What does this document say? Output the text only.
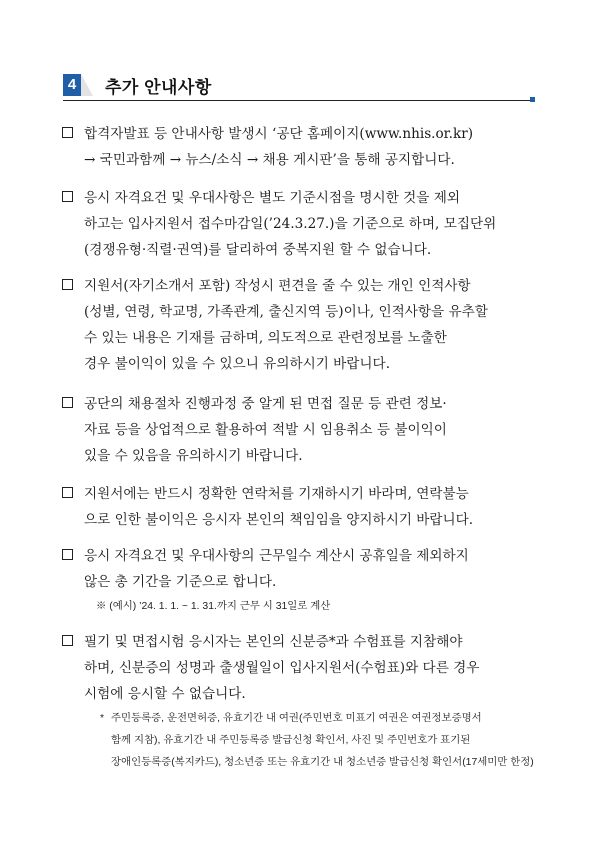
4 추가 안내사항
합격자발표 등 안내사항 발생시 ‘공단 홈페이지(www.nhis.or.kr)
→ 국민과함께 → 뉴스/소식 → 채용 게시판’을 통해 공지합니다.
응시 자격요건 및 우대사항은 별도 기준시점을 명시한 것을 제외
하고는 입사지원서 접수마감일(’24.3.27.)을 기준으로 하며, 모집단위
(경쟁유형·직렬·권역)를 달리하여 중복지원 할 수 없습니다.
지원서(자기소개서 포함) 작성시 편견을 줄 수 있는 개인 인적사항
(성별, 연령, 학교명, 가족관계, 출신지역 등)이나, 인적사항을 유추할
수 있는 내용은 기재를 금하며, 의도적으로 관련정보를 노출한
경우 불이익이 있을 수 있으니 유의하시기 바랍니다.
공단의 채용절차 진행과정 중 알게 된 면접 질문 등 관련 정보·
자료 등을 상업적으로 활용하여 적발 시 임용취소 등 불이익이
있을 수 있음을 유의하시기 바랍니다.
지원서에는 반드시 정확한 연락처를 기재하시기 바라며, 연락불능
으로 인한 불이익은 응시자 본인의 책임임을 양지하시기 바랍니다.
응시 자격요건 및 우대사항의 근무일수 계산시 공휴일을 제외하지
않은 총 기간을 기준으로 합니다.
※ (예시) ’24. 1. 1. ~ 1. 31.까지 근무 시 31일로 계산
필기 및 면접시험 응시자는 본인의 신분증*과 수험표를 지참해야
하며, 신분증의 성명과 출생월일이 입사지원서(수험표)와 다른 경우
시험에 응시할 수 없습니다.
* 주민등록증, 운전면허증, 유효기간 내 여권(주민번호 미표기 여권은 여권정보증명서
함께 지참), 유효기간 내 주민등록증 발급신청 확인서, 사진 및 주민번호가 표기된
장애인등록증(복지카드), 청소년증 또는 유효기간 내 청소년증 발급신청 확인서(17세미만 한정)
